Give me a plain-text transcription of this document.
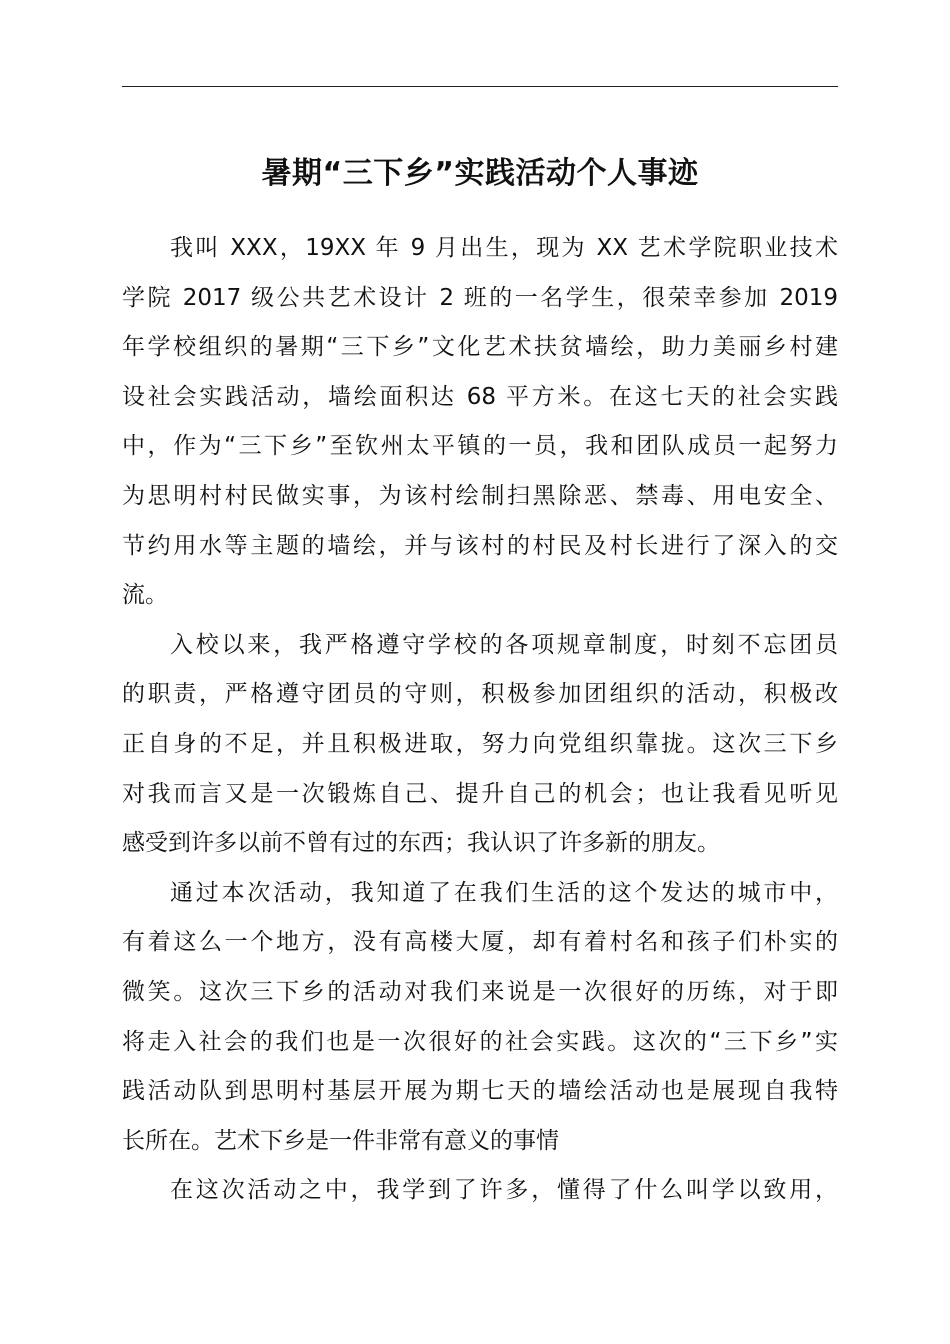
暑期“三下乡”实践活动个人事迹

我叫 XXX，19XX 年 9 月出生，现为 XX 艺术学院职业技术
学院 2017 级公共艺术设计 2 班的一名学生，很荣幸参加 2019
年学校组织的暑期“三下乡”文化艺术扶贫墙绘，助力美丽乡村建
设社会实践活动，墙绘面积达 68 平方米。在这七天的社会实践
中，作为“三下乡”至钦州太平镇的一员，我和团队成员一起努力
为思明村村民做实事，为该村绘制扫黑除恶、禁毒、用电安全、
节约用水等主题的墙绘，并与该村的村民及村长进行了深入的交
流。

入校以来，我严格遵守学校的各项规章制度，时刻不忘团员
的职责，严格遵守团员的守则，积极参加团组织的活动，积极改
正自身的不足，并且积极进取，努力向党组织靠拢。这次三下乡
对我而言又是一次锻炼自己、提升自己的机会；也让我看见听见
感受到许多以前不曾有过的东西；我认识了许多新的朋友。

通过本次活动，我知道了在我们生活的这个发达的城市中，
有着这么一个地方，没有高楼大厦，却有着村名和孩子们朴实的
微笑。这次三下乡的活动对我们来说是一次很好的历练，对于即
将走入社会的我们也是一次很好的社会实践。这次的“三下乡”实
践活动队到思明村基层开展为期七天的墙绘活动也是展现自我特
长所在。艺术下乡是一件非常有意义的事情

在这次活动之中，我学到了许多，懂得了什么叫学以致用，
